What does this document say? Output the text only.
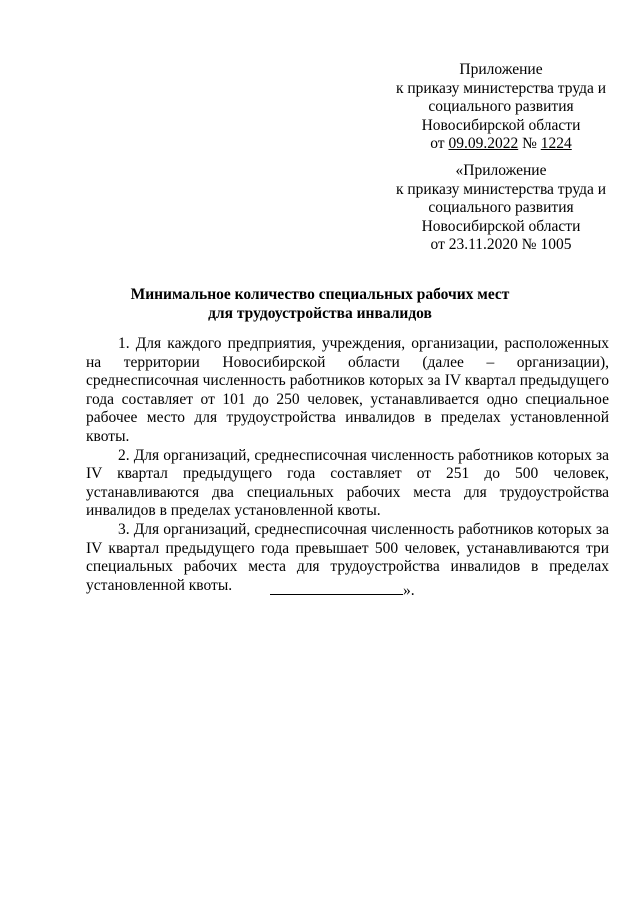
Приложение
к приказу министерства труда и
социального развития
Новосибирской области
от 09.09.2022 № 1224
«Приложение
к приказу министерства труда и
социального развития
Новосибирской области
от 23.11.2020 № 1005
Минимальное количество специальных рабочих мест
для трудоустройства инвалидов

1. Для каждого предприятия, учреждения, организации, расположенных на территории Новосибирской области (далее – организации), среднесписочная численность работников которых за IV квартал предыдущего года составляет от 101 до 250 человек, устанавливается одно специальное рабочее место для трудоустройства инвалидов в пределах установленной квоты.

2. Для организаций, среднесписочная численность работников которых за IV квартал предыдущего года составляет от 251 до 500 человек, устанавливаются два специальных рабочих места для трудоустройства инвалидов в пределах установленной квоты.

3. Для организаций, среднесписочная численность работников которых за IV квартал предыдущего года превышает 500 человек, устанавливаются три специальных рабочих места для трудоустройства инвалидов в пределах установленной квоты.	».
